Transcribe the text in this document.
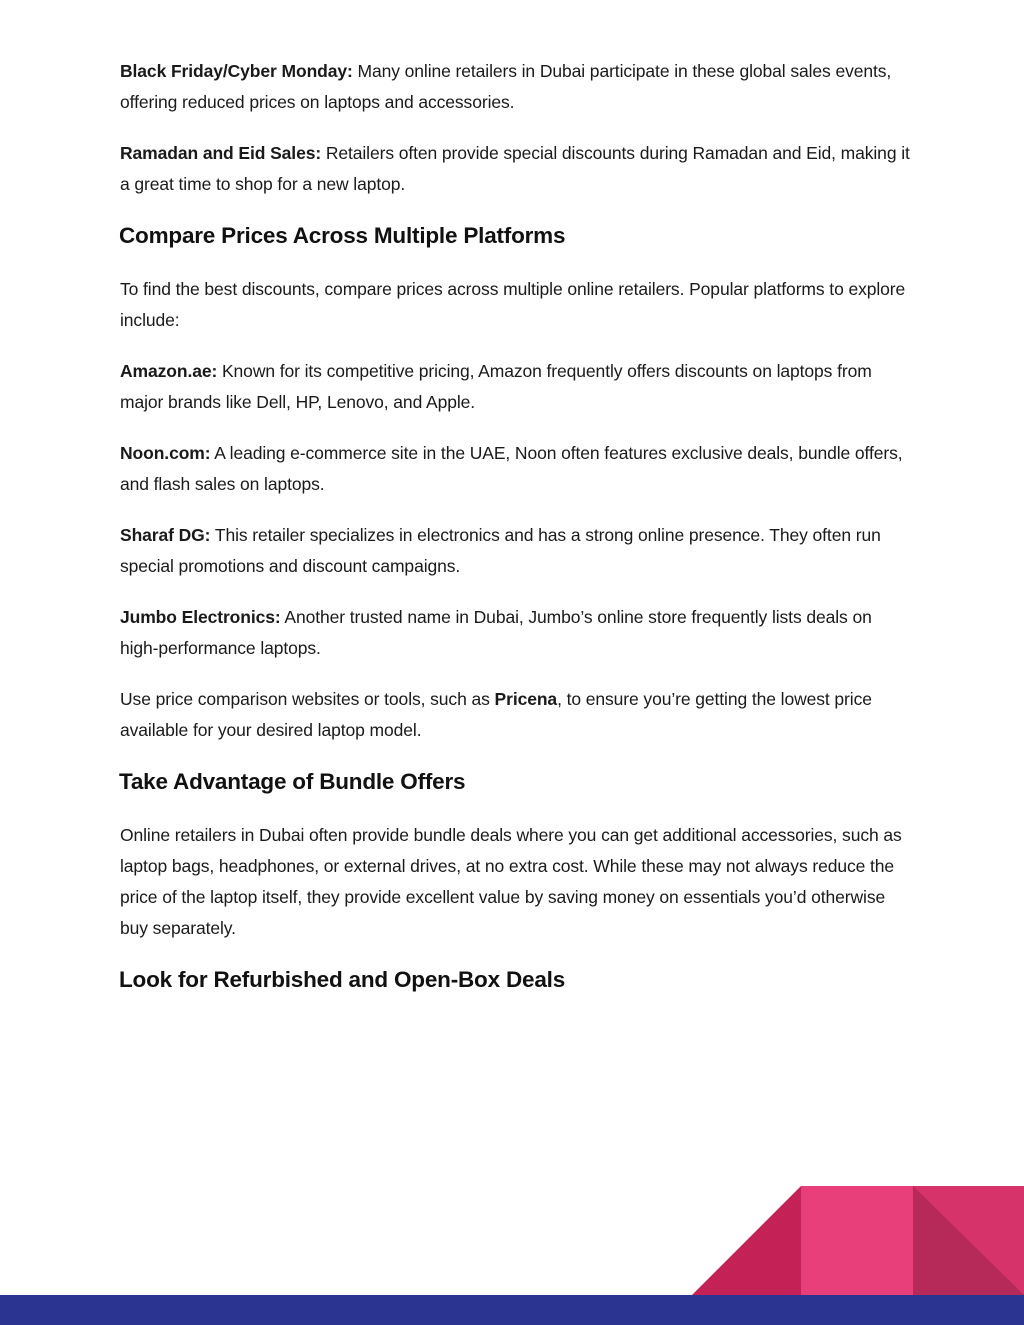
Black Friday/Cyber Monday: Many online retailers in Dubai participate in these global sales events, offering reduced prices on laptops and accessories.

Ramadan and Eid Sales: Retailers often provide special discounts during Ramadan and Eid, making it a great time to shop for a new laptop.

Compare Prices Across Multiple Platforms

To find the best discounts, compare prices across multiple online retailers. Popular platforms to explore include:

Amazon.ae: Known for its competitive pricing, Amazon frequently offers discounts on laptops from major brands like Dell, HP, Lenovo, and Apple.

Noon.com: A leading e-commerce site in the UAE, Noon often features exclusive deals, bundle offers, and flash sales on laptops.

Sharaf DG: This retailer specializes in electronics and has a strong online presence. They often run special promotions and discount campaigns.

Jumbo Electronics: Another trusted name in Dubai, Jumbo’s online store frequently lists deals on high-performance laptops.

Use price comparison websites or tools, such as Pricena, to ensure you’re getting the lowest price available for your desired laptop model.

Take Advantage of Bundle Offers

Online retailers in Dubai often provide bundle deals where you can get additional accessories, such as laptop bags, headphones, or external drives, at no extra cost. While these may not always reduce the price of the laptop itself, they provide excellent value by saving money on essentials you’d otherwise buy separately.

Look for Refurbished and Open-Box Deals
